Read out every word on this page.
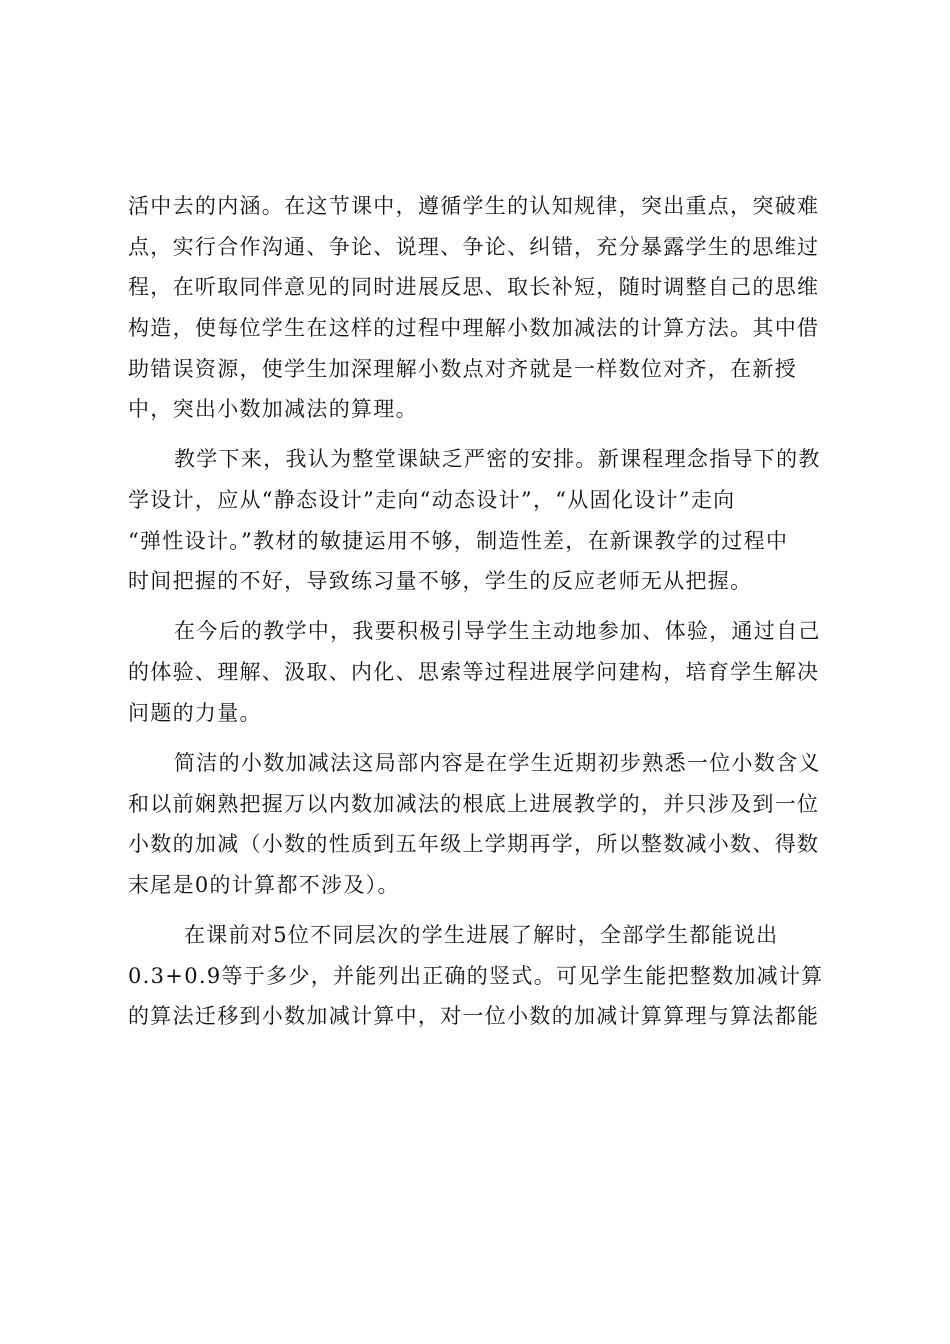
活中去的内涵。在这节课中，遵循学生的认知规律，突出重点，突破难
点，实行合作沟通、争论、说理、争论、纠错，充分暴露学生的思维过
程，在听取同伴意见的同时进展反思、取长补短，随时调整自己的思维
构造，使每位学生在这样的过程中理解小数加减法的计算方法。其中借
助错误资源，使学生加深理解小数点对齐就是一样数位对齐，在新授
中，突出小数加减法的算理。
教学下来，我认为整堂课缺乏严密的安排。新课程理念指导下的教
学设计，应从“静态设计”走向“动态设计”，“从固化设计”走向
“弹性设计。”教材的敏捷运用不够，制造性差，在新课教学的过程中
时间把握的不好，导致练习量不够，学生的反应老师无从把握。
在今后的教学中，我要积极引导学生主动地参加、体验，通过自己
的体验、理解、汲取、内化、思索等过程进展学问建构，培育学生解决
问题的力量。
简洁的小数加减法这局部内容是在学生近期初步熟悉一位小数含义
和以前娴熟把握万以内数加减法的根底上进展教学的，并只涉及到一位
小数的加减（小数的性质到五年级上学期再学，所以整数减小数、得数
末尾是0的计算都不涉及）。
在课前对5位不同层次的学生进展了解时，全部学生都能说出
0.3+0.9等于多少，并能列出正确的竖式。可见学生能把整数加减计算
的算法迁移到小数加减计算中，对一位小数的加减计算算理与算法都能
